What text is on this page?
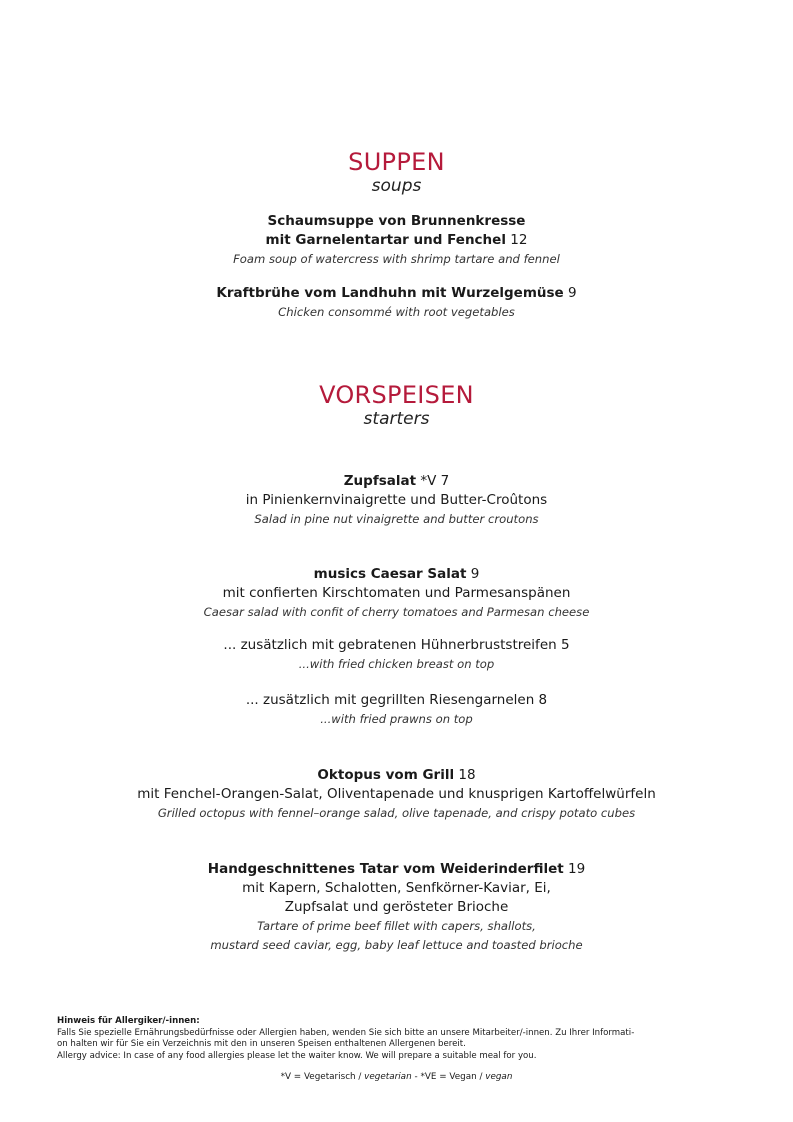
SUPPEN
soups
Schaumsuppe von Brunnenkresse
mit Garnelentartar und Fenchel 12
Foam soup of watercress with shrimp tartare and fennel
Kraftbrühe vom Landhuhn mit Wurzelgemüse 9
Chicken consommé with root vegetables
VORSPEISEN
starters
Zupfsalat *V 7
in Pinienkernvinaigrette und Butter-Croûtons
Salad in pine nut vinaigrette and butter croutons
musics Caesar Salat 9
mit confierten Kirschtomaten und Parmesanspänen
Caesar salad with confit of cherry tomatoes and Parmesan cheese
... zusätzlich mit gebratenen Hühnerbruststreifen 5
...with fried chicken breast on top
... zusätzlich mit gegrillten Riesengarnelen 8
...with fried prawns on top
Oktopus vom Grill 18
mit Fenchel-Orangen-Salat, Oliventapenade und knusprigen Kartoffelwürfeln
Grilled octopus with fennel–orange salad, olive tapenade, and crispy potato cubes
Handgeschnittenes Tatar vom Weiderinderfilet 19
mit Kapern, Schalotten, Senfkörner-Kaviar, Ei,
Zupfsalat und gerösteter Brioche
Tartare of prime beef fillet with capers, shallots,
mustard seed caviar, egg, baby leaf lettuce and toasted brioche
Hinweis für Allergiker/-innen:
Falls Sie spezielle Ernährungsbedürfnisse oder Allergien haben, wenden Sie sich bitte an unsere Mitarbeiter/-innen. Zu Ihrer Informati-
on halten wir für Sie ein Verzeichnis mit den in unseren Speisen enthaltenen Allergenen bereit.
Allergy advice: In case of any food allergies please let the waiter know. We will prepare a suitable meal for you.
*V = Vegetarisch / vegetarian - *VE = Vegan / vegan
